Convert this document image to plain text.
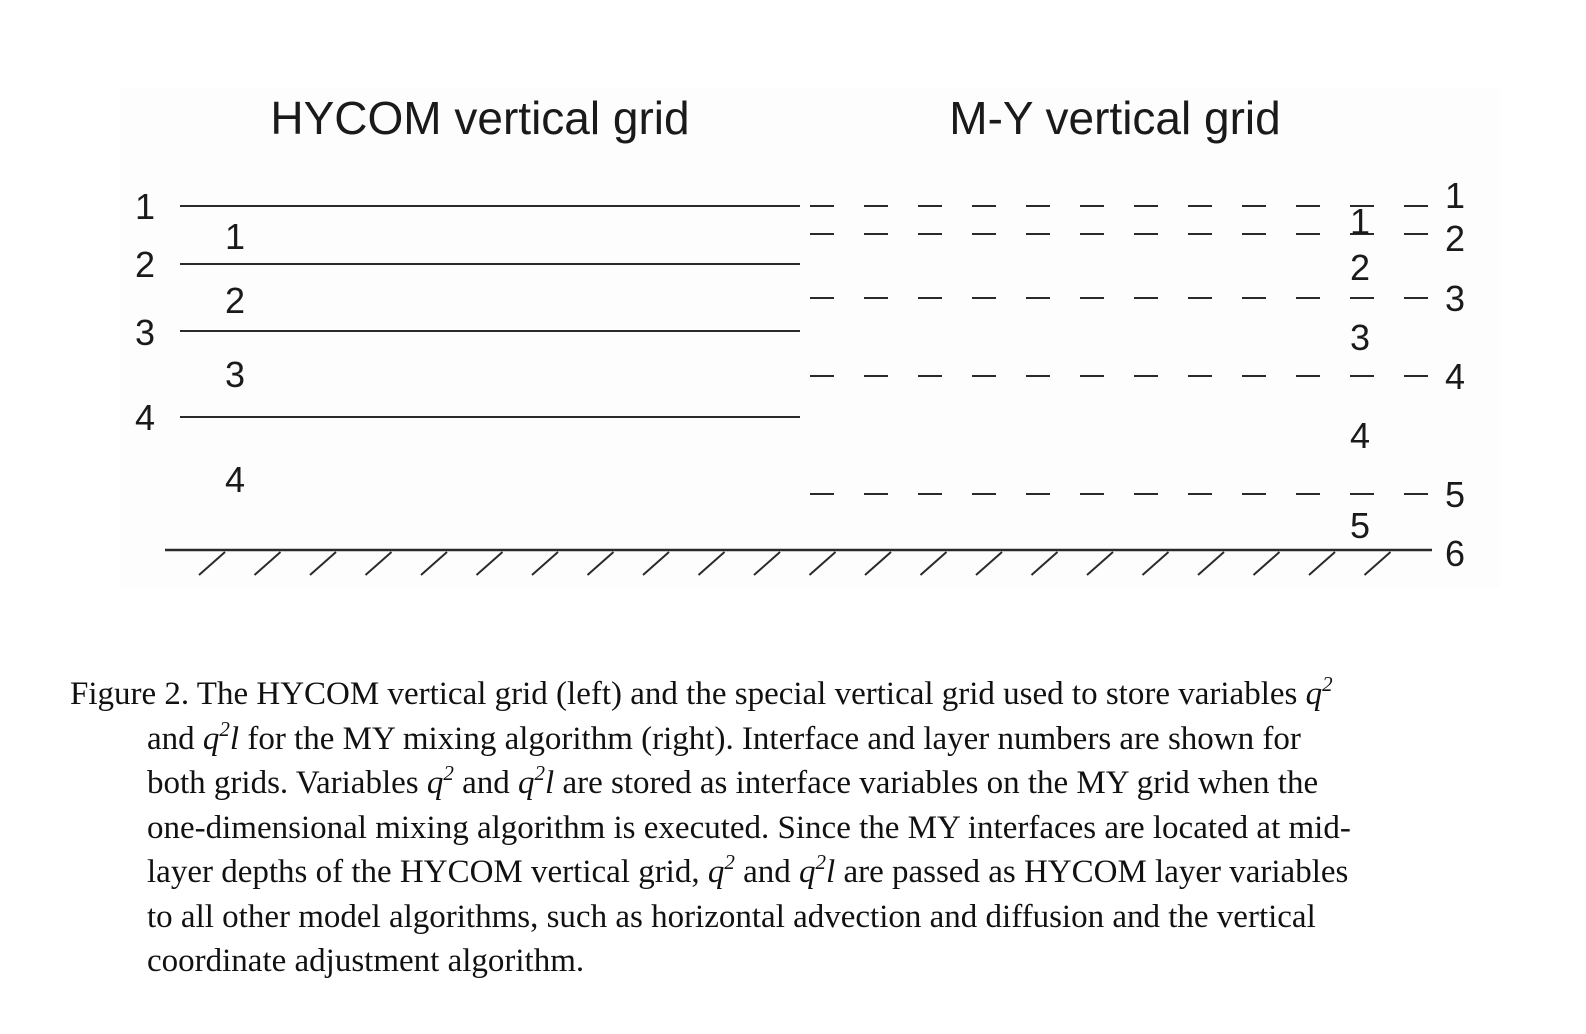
HYCOM vertical grid	M-Y vertical grid
1
2
3
4
1
2
3
4
1
2
3
4
5
6
1
2
3
4
5
Figure 2. The HYCOM vertical grid (left) and the special vertical grid used to store variables $q^2$
and $q^2l$ for the MY mixing algorithm (right). Interface and layer numbers are shown for
both grids. Variables $q^2$ and $q^2l$ are stored as interface variables on the MY grid when the
one-dimensional mixing algorithm is executed. Since the MY interfaces are located at mid-
layer depths of the HYCOM vertical grid, $q^2$ and $q^2l$ are passed as HYCOM layer variables
to all other model algorithms, such as horizontal advection and diffusion and the vertical
coordinate adjustment algorithm.
